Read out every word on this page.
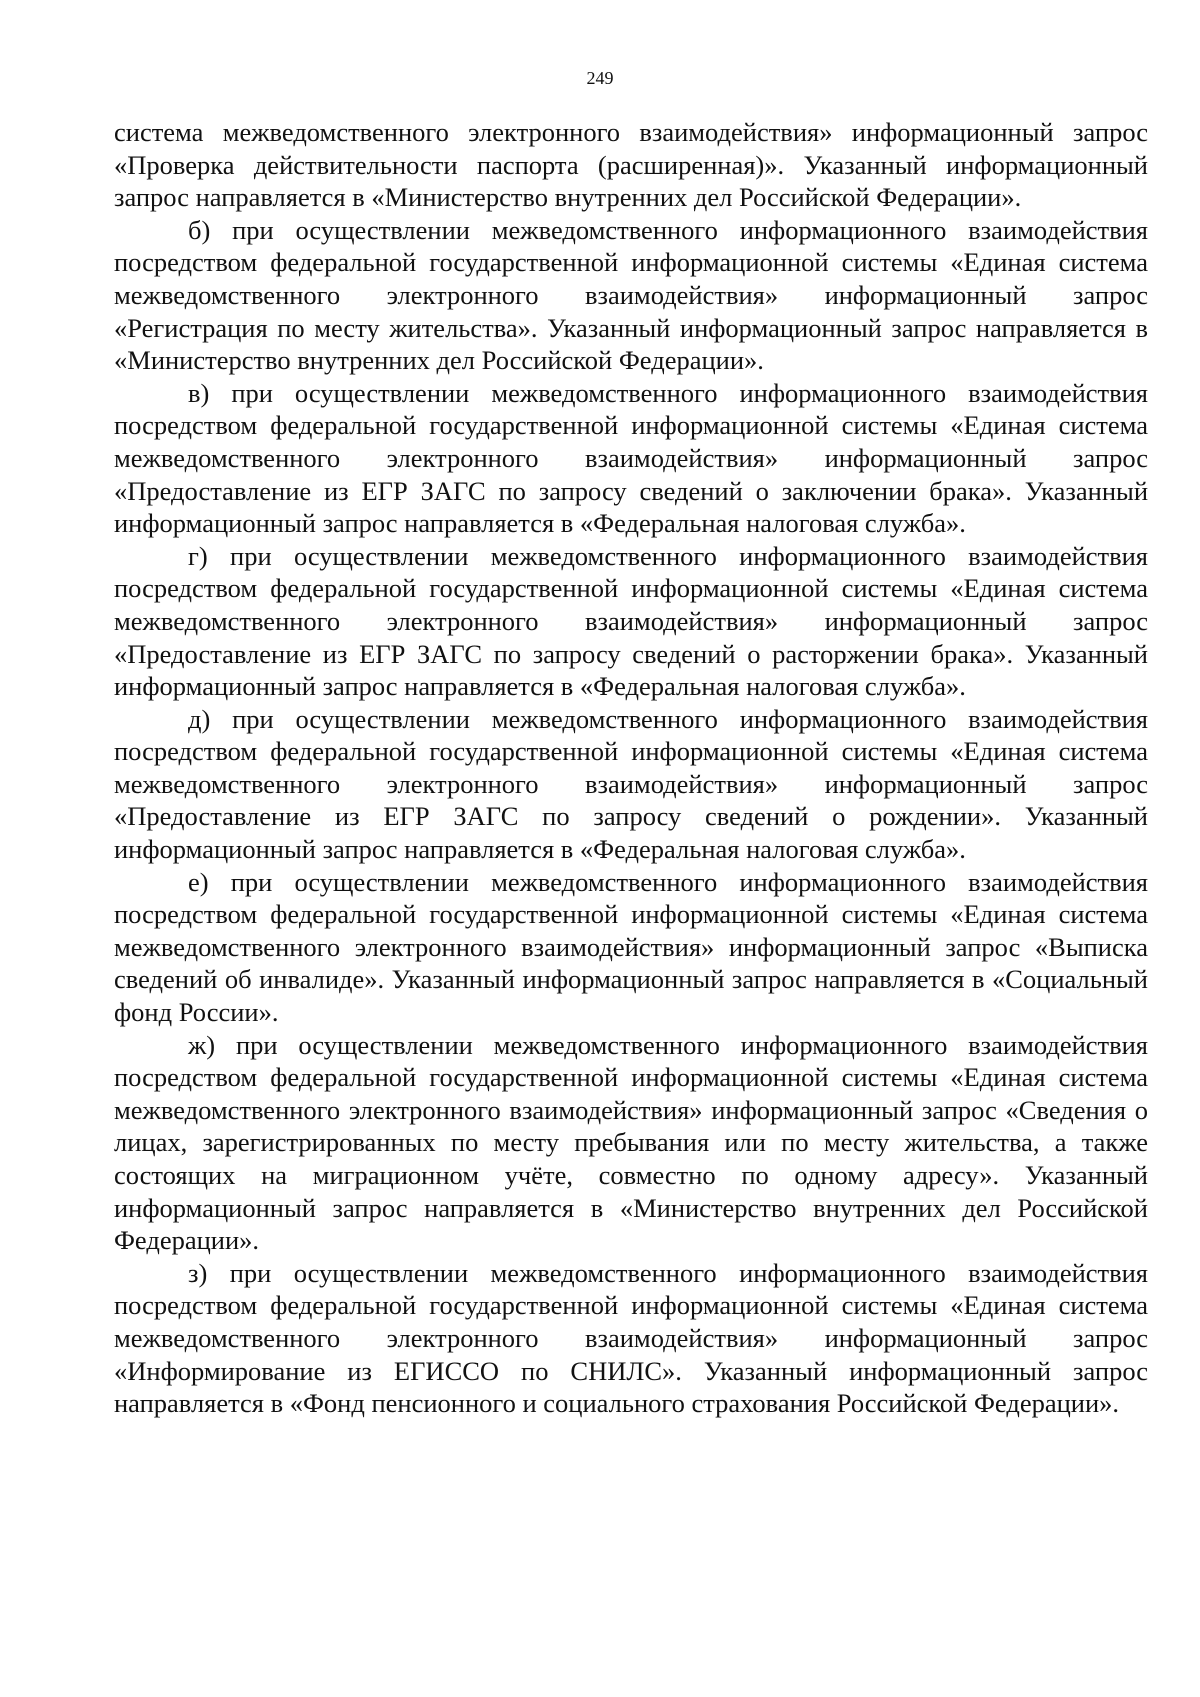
249

система межведомственного электронного взаимодействия» информационный запрос «Проверка действительности паспорта (расширенная)». Указанный информационный запрос направляется в «Министерство внутренних дел Российской Федерации».

б) при осуществлении межведомственного информационного взаимодействия посредством федеральной государственной информационной системы «Единая система межведомственного электронного взаимодействия» информационный запрос «Регистрация по месту жительства». Указанный информационный запрос направляется в «Министерство внутренних дел Российской Федерации».

в) при осуществлении межведомственного информационного взаимодействия посредством федеральной государственной информационной системы «Единая система межведомственного электронного взаимодействия» информационный запрос «Предоставление из ЕГР ЗАГС по запросу сведений о заключении брака». Указанный информационный запрос направляется в «Федеральная налоговая служба».

г) при осуществлении межведомственного информационного взаимодействия посредством федеральной государственной информационной системы «Единая система межведомственного электронного взаимодействия» информационный запрос «Предоставление из ЕГР ЗАГС по запросу сведений о расторжении брака». Указанный информационный запрос направляется в «Федеральная налоговая служба».

д) при осуществлении межведомственного информационного взаимодействия посредством федеральной государственной информационной системы «Единая система межведомственного электронного взаимодействия» информационный запрос «Предоставление из ЕГР ЗАГС по запросу сведений о рождении». Указанный информационный запрос направляется в «Федеральная налоговая служба».

е) при осуществлении межведомственного информационного взаимодействия посредством федеральной государственной информационной системы «Единая система межведомственного электронного взаимодействия» информационный запрос «Выписка сведений об инвалиде». Указанный информационный запрос направляется в «Социальный фонд России».

ж) при осуществлении межведомственного информационного взаимодействия посредством федеральной государственной информационной системы «Единая система межведомственного электронного взаимодействия» информационный запрос «Сведения о лицах, зарегистрированных по месту пребывания или по месту жительства, а также состоящих на миграционном учёте, совместно по одному адресу». Указанный информационный запрос направляется в «Министерство внутренних дел Российской Федерации».

з) при осуществлении межведомственного информационного взаимодействия посредством федеральной государственной информационной системы «Единая система межведомственного электронного взаимодействия» информационный запрос «Информирование из ЕГИССО по СНИЛС». Указанный информационный запрос направляется в «Фонд пенсионного и социального страхования Российской Федерации».
